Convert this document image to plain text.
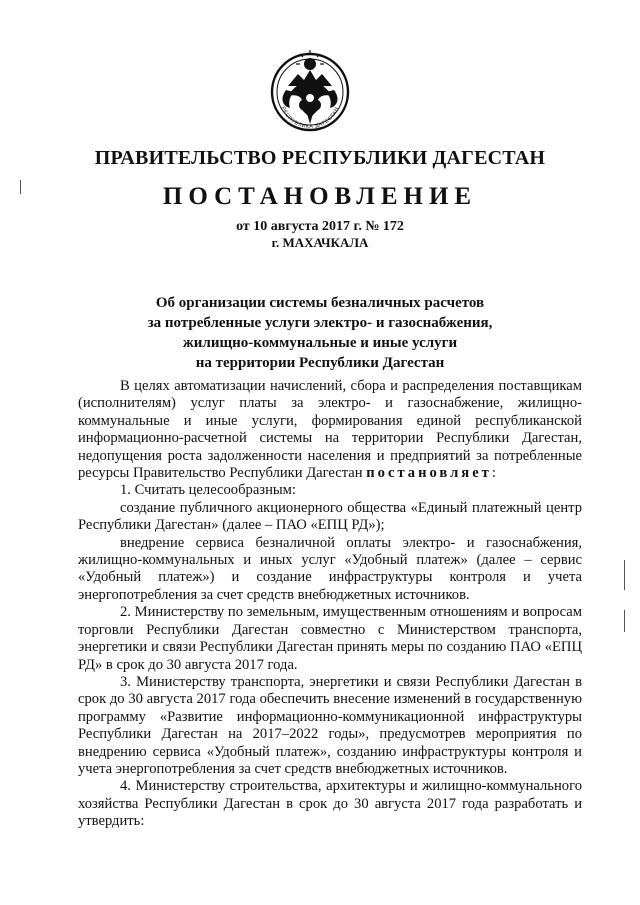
РЕСПУБЛИКА ДАГЕСТАН
ПРАВИТЕЛЬСТВО РЕСПУБЛИКИ ДАГЕСТАН
ПОСТАНОВЛЕНИЕ
от 10 августа 2017 г. № 172
г. МАХАЧКАЛА
Об организации системы безналичных расчетов
за потребленные услуги электро- и газоснабжения,
жилищно-коммунальные и иные услуги
на территории Республики Дагестан

В целях автоматизации начислений, сбора и распределения поставщикам (исполнителям) услуг платы за электро- и газоснабжение, жилищно-коммунальные и иные услуги, формирования единой республиканской информационно-расчетной системы на территории Республики Дагестан, недопущения роста задолженности населения и предприятий за потребленные ресурсы Правительство Республики Дагестан постановляет:

1. Считать целесообразным:

создание публичного акционерного общества «Единый платежный центр Республики Дагестан» (далее – ПАО «ЕПЦ РД»);

внедрение сервиса безналичной оплаты электро- и газоснабжения, жилищно-коммунальных и иных услуг «Удобный платеж» (далее – сервис «Удобный платеж») и создание инфраструктуры контроля и учета энергопотребления за счет средств внебюджетных источников.

2. Министерству по земельным, имущественным отношениям и вопросам торговли Республики Дагестан совместно с Министерством транспорта, энергетики и связи Республики Дагестан принять меры по созданию ПАО «ЕПЦ РД» в срок до 30 августа 2017 года.

3. Министерству транспорта, энергетики и связи Республики Дагестан в срок до 30 августа 2017 года обеспечить внесение изменений в государственную программу «Развитие информационно-коммуникационной инфраструктуры Республики Дагестан на 2017–2022 годы», предусмотрев мероприятия по внедрению сервиса «Удобный платеж», созданию инфраструктуры контроля и учета энергопотребления за счет средств внебюджетных источников.

4. Министерству строительства, архитектуры и жилищно-коммунального хозяйства Республики Дагестан в срок до 30 августа 2017 года разработать и утвердить:
